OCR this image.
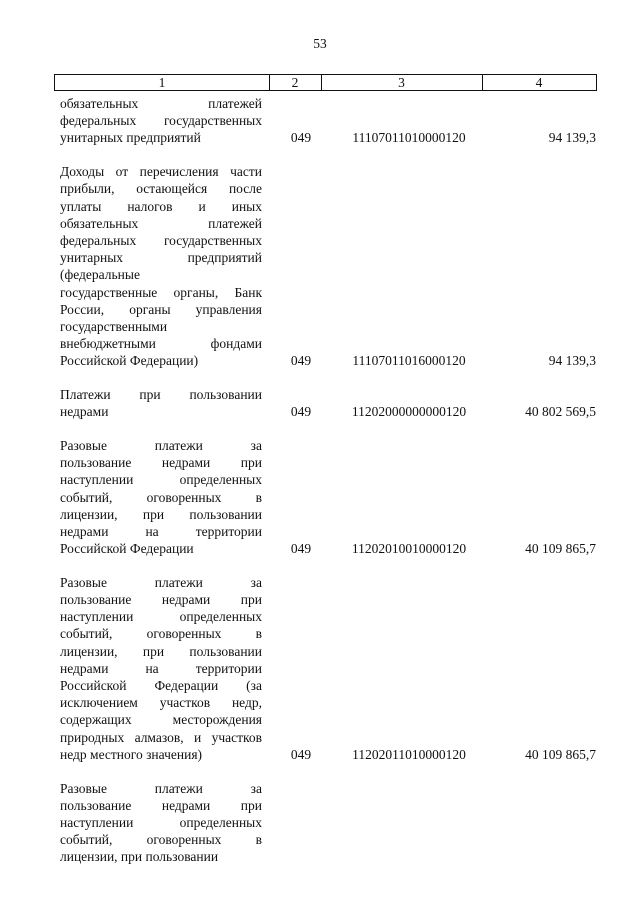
53
1	2	3	4
обязательных платежей
федеральных государственных
унитарных предприятий	049	11107011010000120	94 139,3
Доходы от перечисления части
прибыли, остающейся после
уплаты налогов и иных
обязательных платежей
федеральных государственных
унитарных предприятий
(федеральные
государственные органы, Банк
России, органы управления
государственными
внебюджетными фондами
Российской Федерации)	049	11107011016000120	94 139,3
Платежи при пользовании
недрами	049	11202000000000120	40 802 569,5
Разовые платежи за
пользование недрами при
наступлении определенных
событий, оговоренных в
лицензии, при пользовании
недрами на территории
Российской Федерации	049	11202010010000120	40 109 865,7
Разовые платежи за
пользование недрами при
наступлении определенных
событий, оговоренных в
лицензии, при пользовании
недрами на территории
Российской Федерации (за
исключением участков недр,
содержащих месторождения
природных алмазов, и участков
недр местного значения)	049	11202011010000120	40 109 865,7
Разовые платежи за
пользование недрами при
наступлении определенных
событий, оговоренных в
лицензии, при пользовании
